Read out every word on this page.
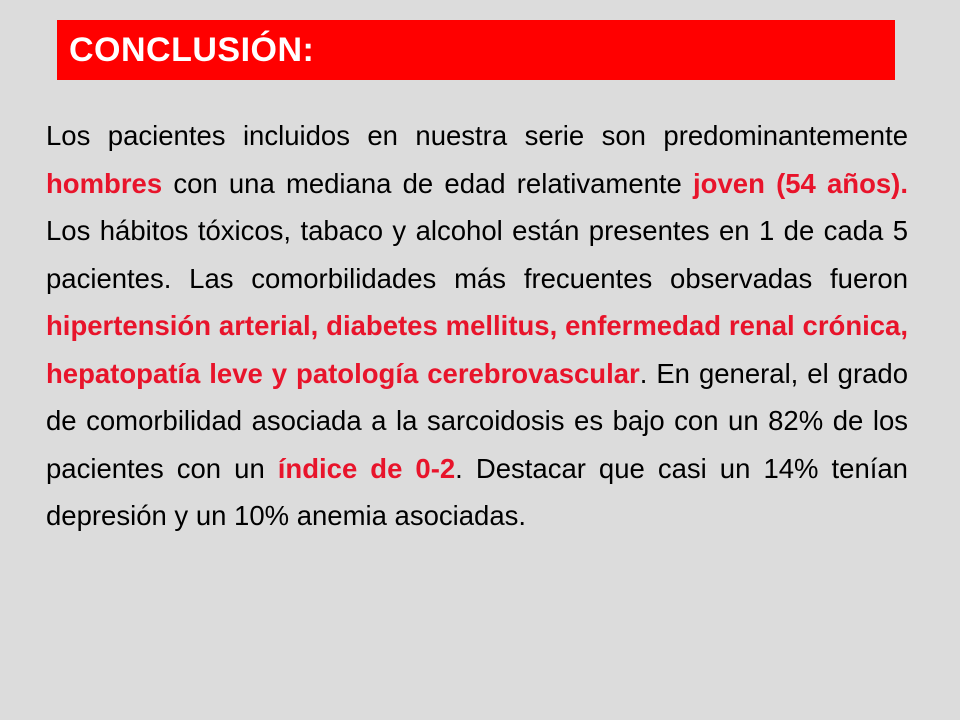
CONCLUSIÓN:

Los pacientes incluidos en nuestra serie son predominantemente hombres con una mediana de edad relativamente joven (54 años). Los hábitos tóxicos, tabaco y alcohol están presentes en 1 de cada 5 pacientes. Las comorbilidades más frecuentes observadas fueron hipertensión arterial, diabetes mellitus, enfermedad renal crónica, hepatopatía leve y patología cerebrovascular. En general, el grado de comorbilidad asociada a la sarcoidosis es bajo con un 82% de los pacientes con un índice de 0-2. Destacar que casi un 14% tenían depresión y un 10% anemia asociadas.
